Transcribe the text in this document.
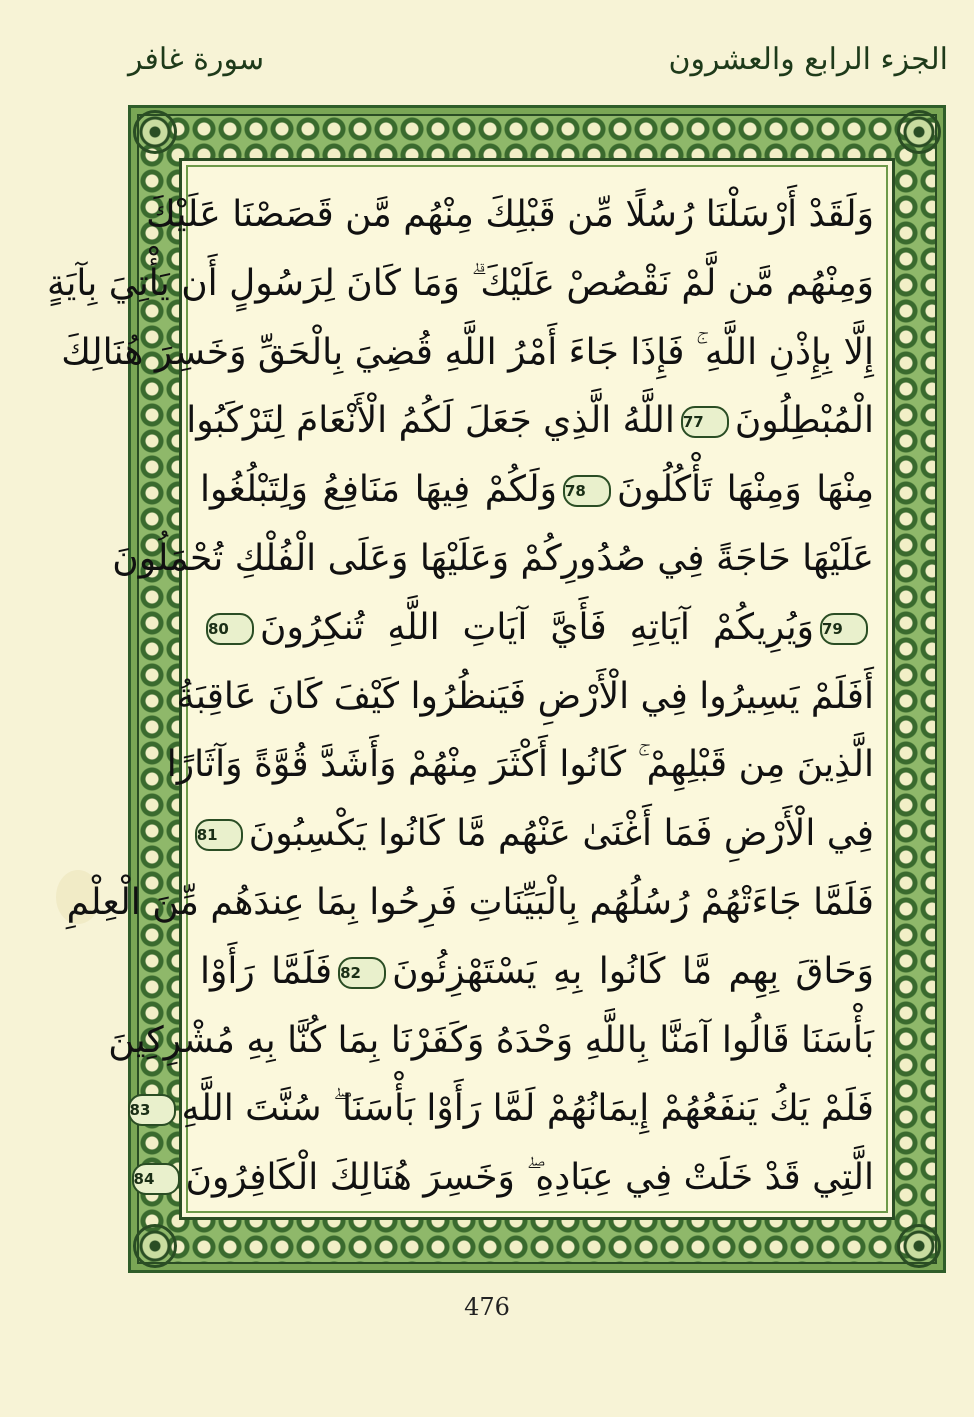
سورة غافر	الجزء الرابع والعشرون
وَلَقَدْ أَرْسَلْنَا رُسُلًا مِّن قَبْلِكَ مِنْهُم مَّن قَصَصْنَا عَلَيْكَ
وَمِنْهُم مَّن لَّمْ نَقْصُصْ عَلَيْكَ ۗ وَمَا كَانَ لِرَسُولٍ أَن يَأْتِيَ بِآيَةٍ
إِلَّا بِإِذْنِ اللَّهِ ۚ فَإِذَا جَاءَ أَمْرُ اللَّهِ قُضِيَ بِالْحَقِّ وَخَسِرَ هُنَالِكَ
الْمُبْطِلُونَ77اللَّهُ الَّذِي جَعَلَ لَكُمُ الْأَنْعَامَ لِتَرْكَبُوا
مِنْهَا وَمِنْهَا تَأْكُلُونَ78وَلَكُمْ فِيهَا مَنَافِعُ وَلِتَبْلُغُوا
عَلَيْهَا حَاجَةً فِي صُدُورِكُمْ وَعَلَيْهَا وَعَلَى الْفُلْكِ تُحْمَلُونَ
79وَيُرِيكُمْ آيَاتِهِ فَأَيَّ آيَاتِ اللَّهِ تُنكِرُونَ80
أَفَلَمْ يَسِيرُوا فِي الْأَرْضِ فَيَنظُرُوا كَيْفَ كَانَ عَاقِبَةُ
الَّذِينَ مِن قَبْلِهِمْ ۚ كَانُوا أَكْثَرَ مِنْهُمْ وَأَشَدَّ قُوَّةً وَآثَارًا
فِي الْأَرْضِ فَمَا أَغْنَىٰ عَنْهُم مَّا كَانُوا يَكْسِبُونَ81
فَلَمَّا جَاءَتْهُمْ رُسُلُهُم بِالْبَيِّنَاتِ فَرِحُوا بِمَا عِندَهُم مِّنَ الْعِلْمِ
وَحَاقَ بِهِم مَّا كَانُوا بِهِ يَسْتَهْزِئُونَ82فَلَمَّا رَأَوْا
بَأْسَنَا قَالُوا آمَنَّا بِاللَّهِ وَحْدَهُ وَكَفَرْنَا بِمَا كُنَّا بِهِ مُشْرِكِينَ
فَلَمْ يَكُ يَنفَعُهُمْ إِيمَانُهُمْ لَمَّا رَأَوْا بَأْسَنَا ۖ سُنَّتَ اللَّهِ83
الَّتِي قَدْ خَلَتْ فِي عِبَادِهِ ۖ وَخَسِرَ هُنَالِكَ الْكَافِرُونَ84
476
